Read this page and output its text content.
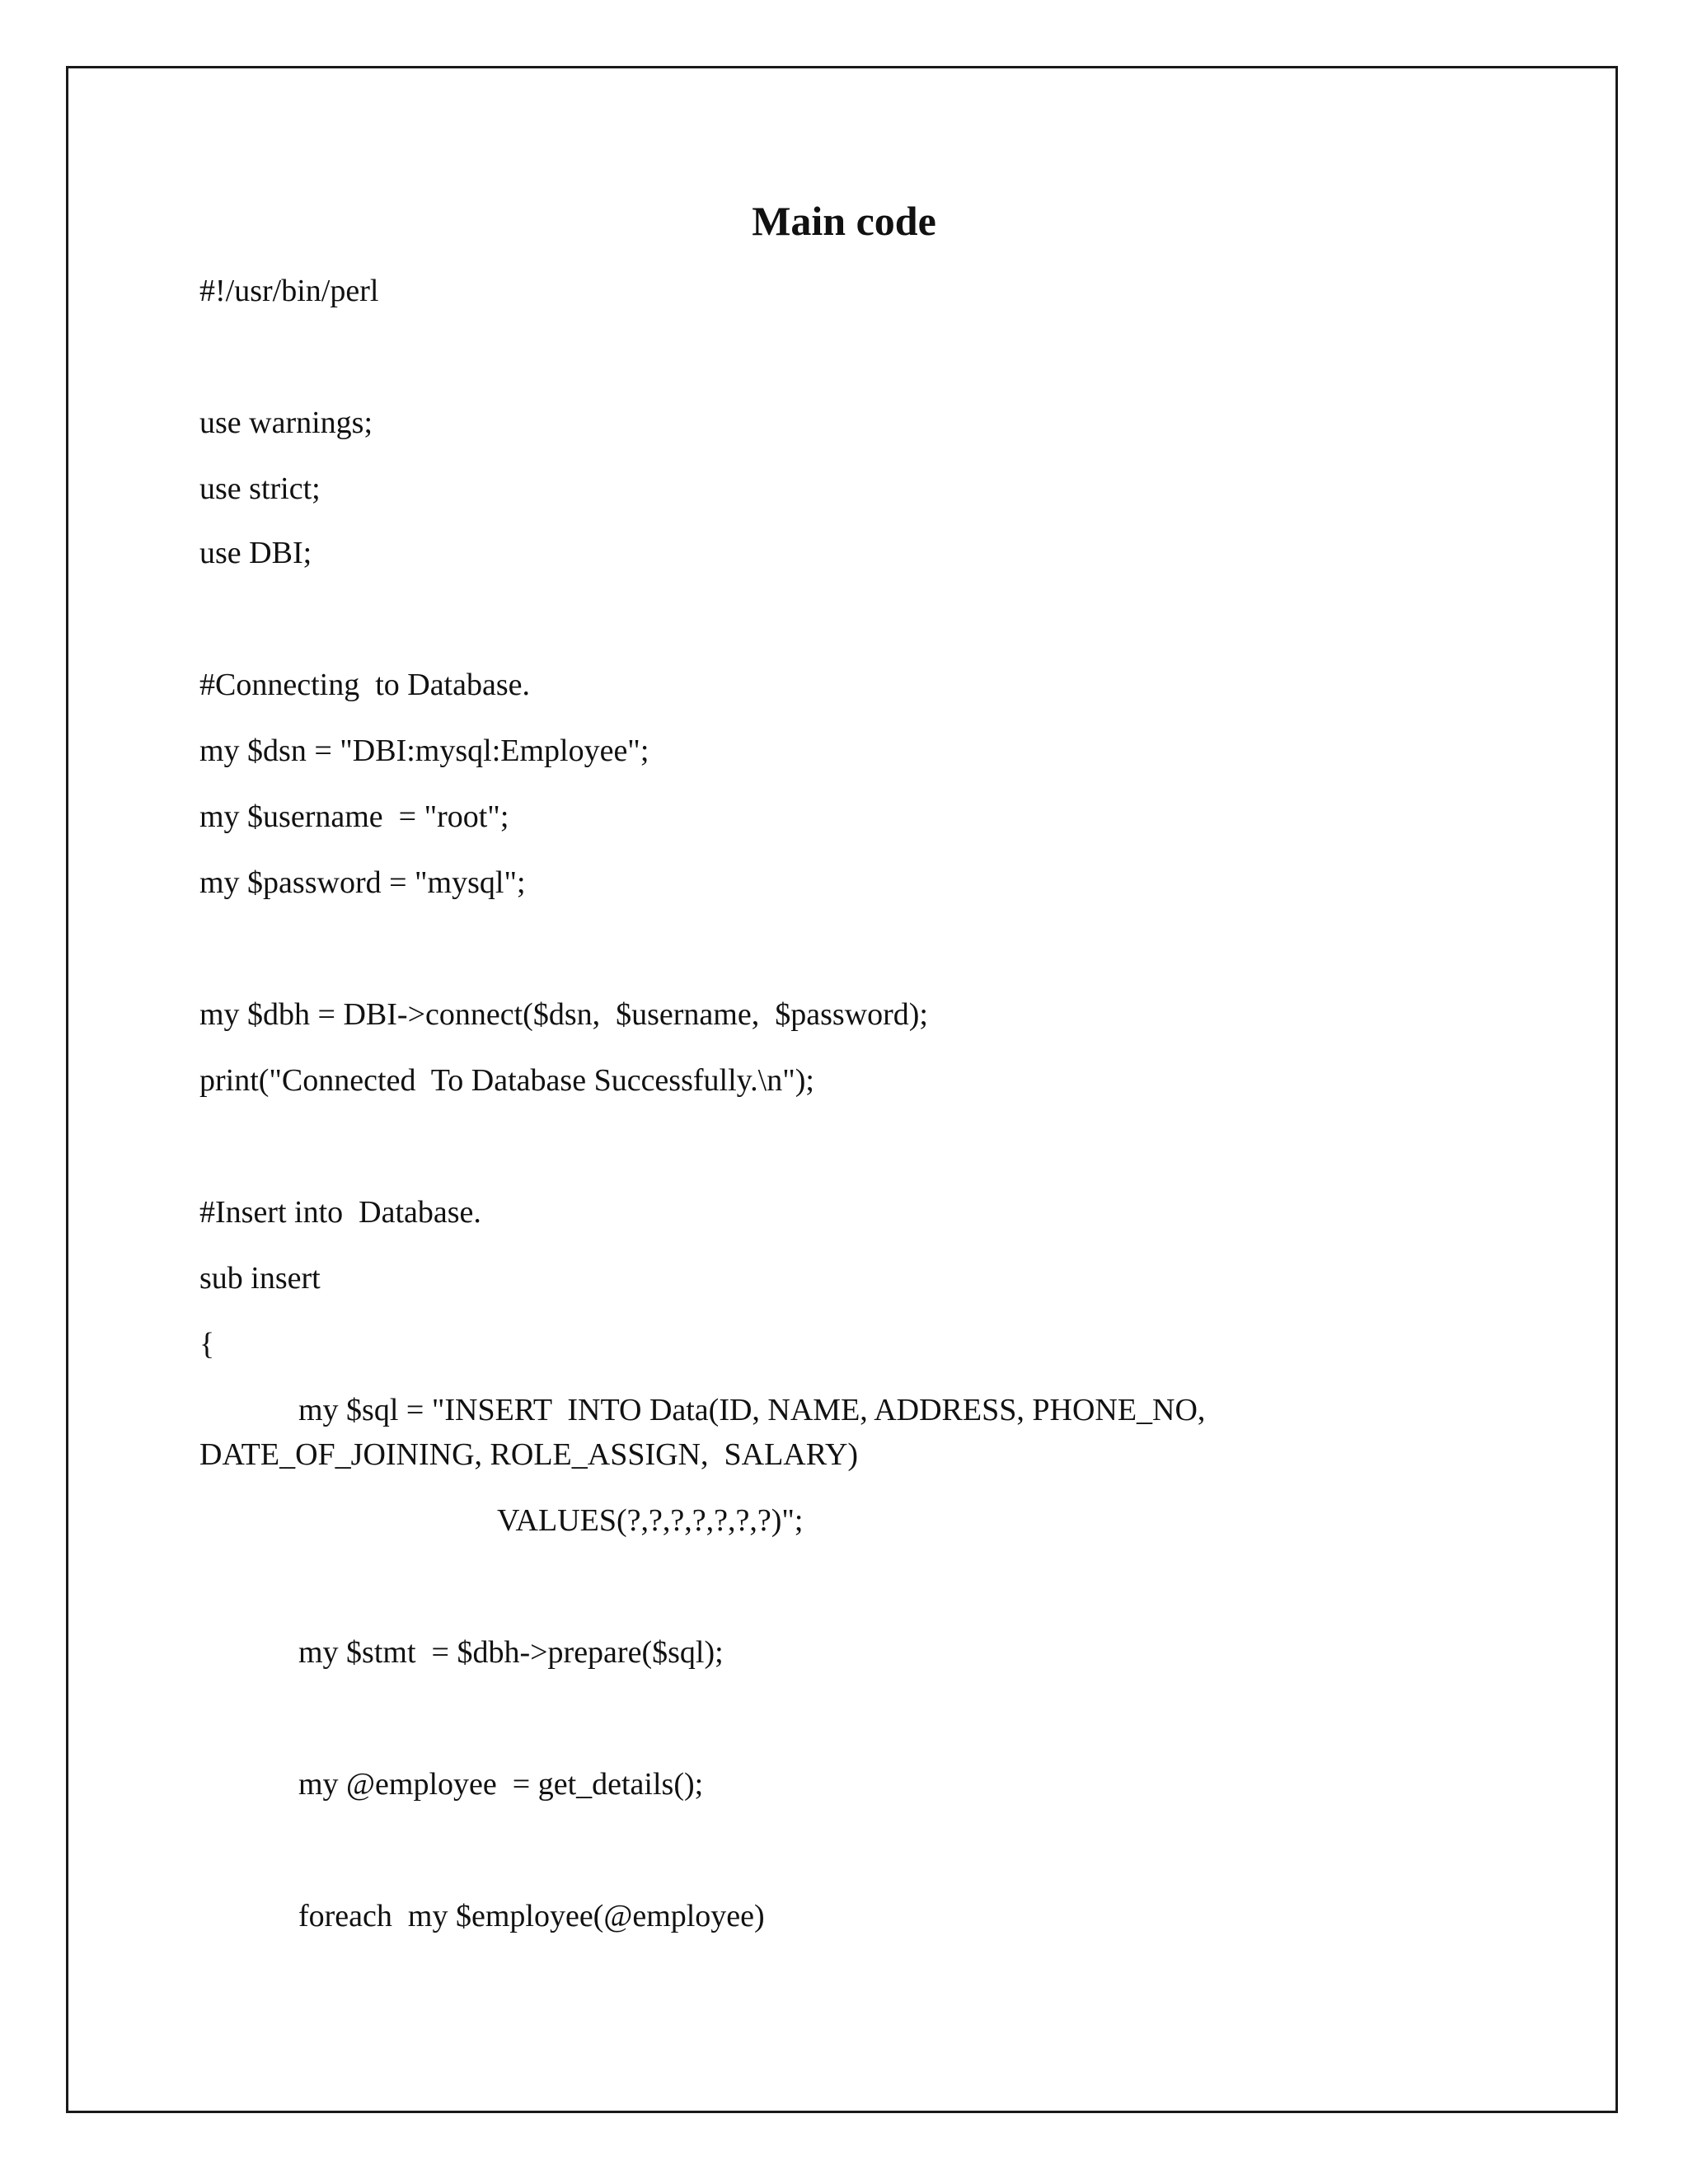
Main code

#!/usr/bin/perl

use warnings;

use strict;

use DBI;

#Connecting  to Database.

my $dsn = "DBI:mysql:Employee";

my $username  = "root";

my $password = "mysql";

my $dbh = DBI->connect($dsn,  $username,  $password);

print("Connected  To Database Successfully.\n");

#Insert into  Database.

sub insert

{

my $sql = "INSERT  INTO Data(ID, NAME, ADDRESS, PHONE_NO,

DATE_OF_JOINING, ROLE_ASSIGN,  SALARY)

VALUES(?,?,?,?,?,?,?)";

my $stmt  = $dbh->prepare($sql);

my @employee  = get_details();

foreach  my $employee(@employee)
